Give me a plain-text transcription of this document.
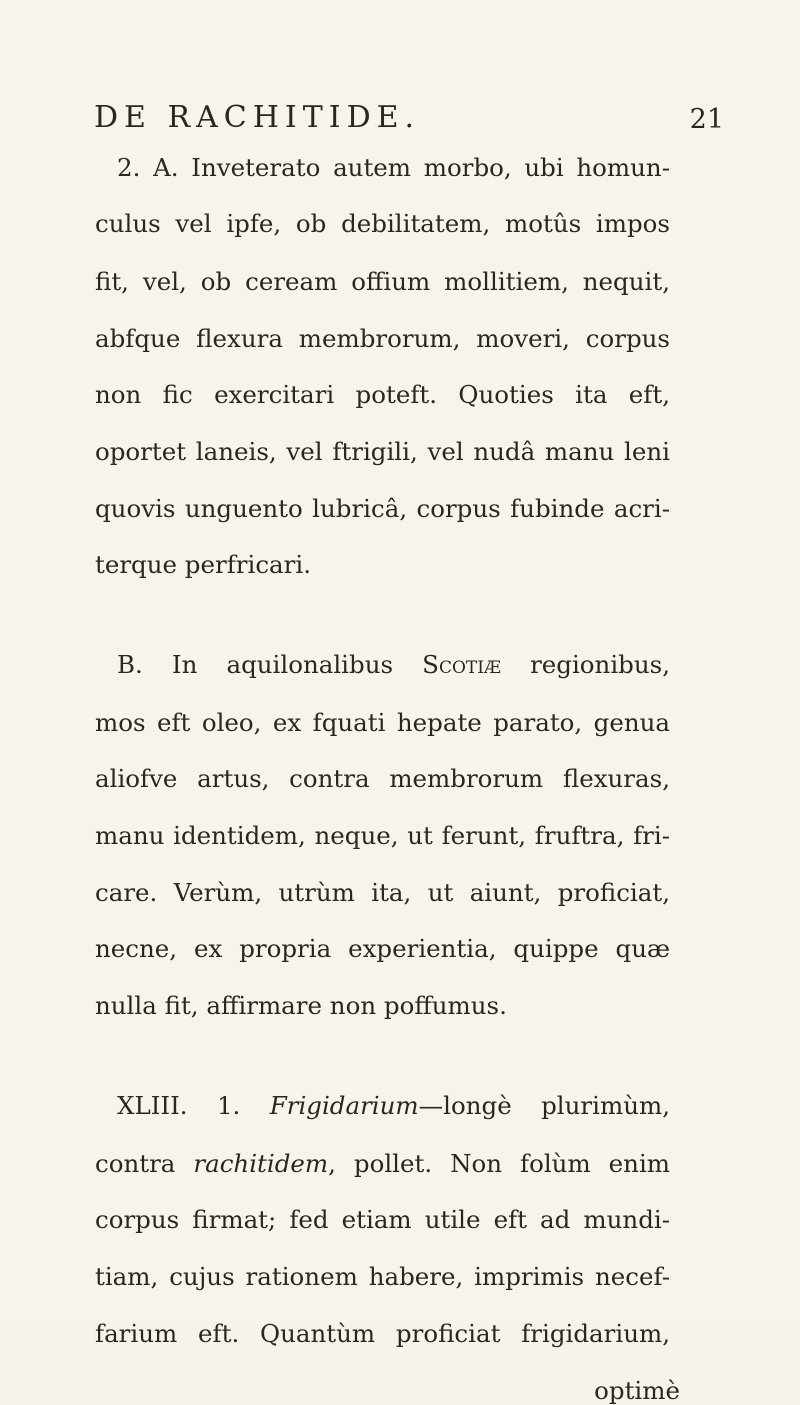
DE RACHITIDE.	21
2. A. Inveterato autem morbo, ubi homun-
culus vel ipfe, ob debilitatem, motûs impos
fit, vel, ob ceream offium mollitiem, nequit,
abfque flexura membrorum, moveri, corpus
non fic exercitari poteft. Quoties ita eft,
oportet laneis, vel ftrigili, vel nudâ manu leni
quovis unguento lubricâ, corpus fubinde acri-
terque perfricari.
B. In aquilonalibus Scotiæ regionibus,
mos eft oleo, ex fquati hepate parato, genua
aliofve artus, contra membrorum flexuras,
manu identidem, neque, ut ferunt, fruftra, fri-
care. Verùm, utrùm ita, ut aiunt, proficiat,
necne, ex propria experientia, quippe quæ
nulla fit, affirmare non poffumus.
XLIII. 1. Frigidarium—longè plurimùm,
contra rachitidem, pollet. Non folùm enim
corpus firmat; fed etiam utile eft ad mundi-
tiam, cujus rationem habere, imprimis necef-
farium eft. Quantùm proficiat frigidarium,
optimè
